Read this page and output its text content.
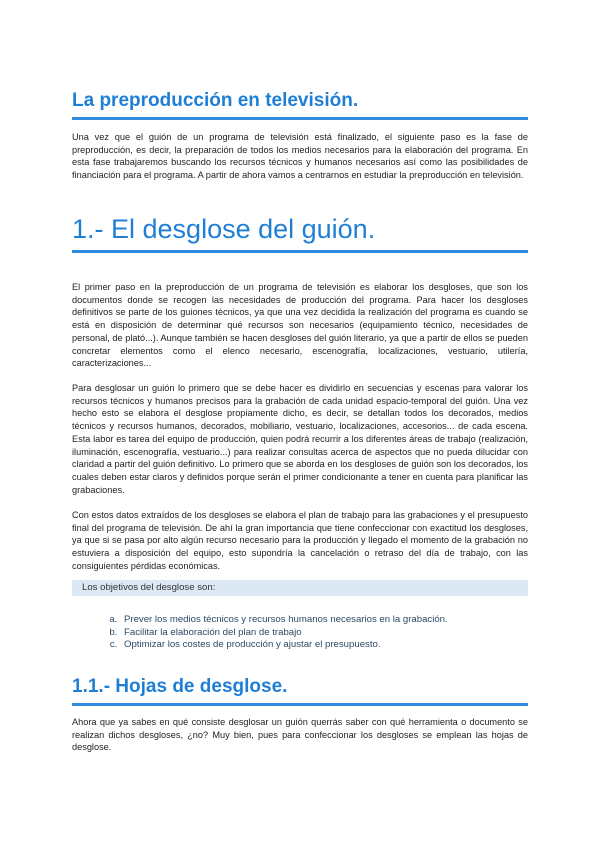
La preproducción en televisión.

Una vez que el guión de un programa de televisión está finalizado, el siguiente paso es la fase de preproducción, es decir, la preparación de todos los medios necesarios para la elaboración del programa. En esta fase trabajaremos buscando los recursos técnicos y humanos necesarios así como las posibilidades de financiación para el programa. A partir de ahora vamos a centrarnos en estudiar la preproducción en televisión.

1.- El desglose del guión.

El primer paso en la preproducción de un programa de televisión es elaborar los desgloses, que son los documentos donde se recogen las necesidades de producción del programa. Para hacer los desgloses definitivos se parte de los guiones técnicos, ya que una vez decidida la realización del programa es cuando se está en disposición de determinar qué recursos son necesarios (equipamiento técnico, necesidades de personal, de plató...). Aunque también se hacen desgloses del guión literario, ya que a partir de ellos se pueden concretar elementos como el elenco necesario, escenografía, localizaciones, vestuario, utilería, caracterizaciones...

Para desglosar un guión lo primero que se debe hacer es dividirlo en secuencias y escenas para valorar los recursos técnicos y humanos precisos para la grabación de cada unidad espacio-temporal del guión. Una vez hecho esto se elabora el desglose propiamente dicho, es decir, se detallan todos los decorados, medios técnicos y recursos humanos, decorados, mobiliario, vestuario, localizaciones, accesorios... de cada escena. Esta labor es tarea del equipo de producción, quien podrá recurrir a los diferentes áreas de trabajo (realización, iluminación, escenografía, vestuario...) para realizar consultas acerca de aspectos que no pueda dilucidar con claridad a partir del guión definitivo. Lo primero que se aborda en los desgloses de guión son los decorados, los cuales deben estar claros y definidos porque serán el primer condicionante a tener en cuenta para planificar las grabaciones.

Con estos datos extraídos de los desgloses se elabora el plan de trabajo para las grabaciones y el presupuesto final del programa de televisión. De ahí la gran importancia que tiene confeccionar con exactitud los desgloses, ya que si se pasa por alto algún recurso necesario para la producción y llegado el momento de la grabación no estuviera a disposición del equipo, esto supondría la cancelación o retraso del día de trabajo, con las consiguientes pérdidas económicas.

Los objetivos del desglose son:
a. Prever los medios técnicos y recursos humanos necesarios en la grabación.
b. Facilitar la elaboración del plan de trabajo
c. Optimizar los costes de producción y ajustar el presupuesto.
1.1.- Hojas de desglose.

Ahora que ya sabes en qué consiste desglosar un guión querrás saber con qué herramienta o documento se realizan dichos desgloses, ¿no? Muy bien, pues para confeccionar los desgloses se emplean las hojas de desglose.
